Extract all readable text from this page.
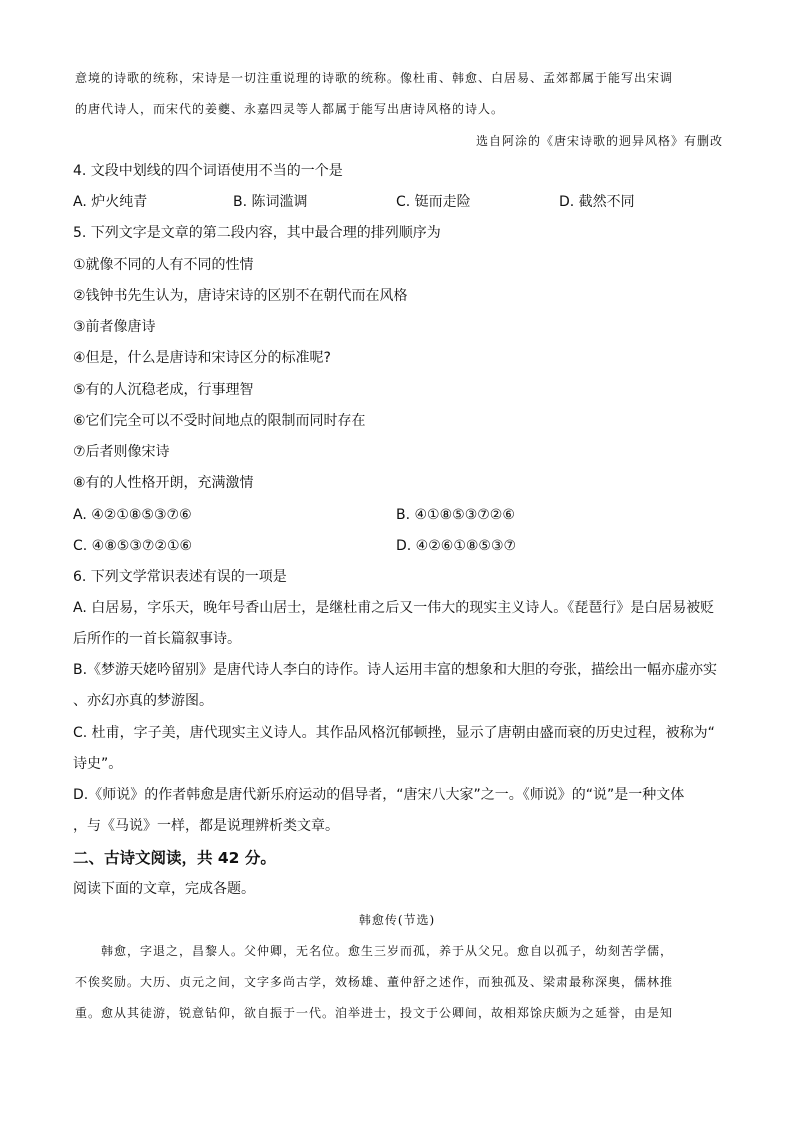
意境的诗歌的统称，宋诗是一切注重说理的诗歌的统称。像杜甫、韩愈、白居易、孟郊都属于能写出宋调
的唐代诗人，而宋代的姜夔、永嘉四灵等人都属于能写出唐诗风格的诗人。
选自阿涂的《唐宋诗歌的迥异风格》有删改
4. 文段中划线的四个词语使用不当的一个是
A. 炉火纯青	B. 陈词滥调	C. 铤而走险	D. 截然不同
5. 下列文字是文章的第二段内容，其中最合理的排列顺序为
①就像不同的人有不同的性情
②钱钟书先生认为，唐诗宋诗的区别不在朝代而在风格
③前者像唐诗
④但是，什么是唐诗和宋诗区分的标准呢?
⑤有的人沉稳老成，行事理智
⑥它们完全可以不受时间地点的限制而同时存在
⑦后者则像宋诗
⑧有的人性格开朗，充满激情
A. ④②①⑧⑤③⑦⑥	B. ④①⑧⑤③⑦②⑥
C. ④⑧⑤③⑦②①⑥	D. ④②⑥①⑧⑤③⑦
6. 下列文学常识表述有误的一项是
A. 白居易，字乐天，晚年号香山居士，是继杜甫之后又一伟大的现实主义诗人。《琵琶行》是白居易被贬
后所作的一首长篇叙事诗。
B.《梦游天姥吟留别》是唐代诗人李白的诗作。诗人运用丰富的想象和大胆的夸张，描绘出一幅亦虚亦实
、亦幻亦真的梦游图。
C. 杜甫，字子美，唐代现实主义诗人。其作品风格沉郁顿挫，显示了唐朝由盛而衰的历史过程，被称为“
诗史”。
D.《师说》的作者韩愈是唐代新乐府运动的倡导者，“唐宋八大家”之一。《师说》的“说”是一种文体
，与《马说》一样，都是说理辨析类文章。
二、古诗文阅读，共 42 分。
阅读下面的文章，完成各题。
韩愈传(节选)
韩愈，字退之，昌黎人。父仲卿，无名位。愈生三岁而孤，养于从父兄。愈自以孤子，幼刻苦学儒，
不俟奖励。大历、贞元之间，文字多尚古学，效杨雄、董仲舒之述作，而独孤及、梁肃最称深奥，儒林推
重。愈从其徒游，锐意钻仰，欲自振于一代。洎举进士，投文于公卿间，故相郑馀庆颇为之延誉，由是知
